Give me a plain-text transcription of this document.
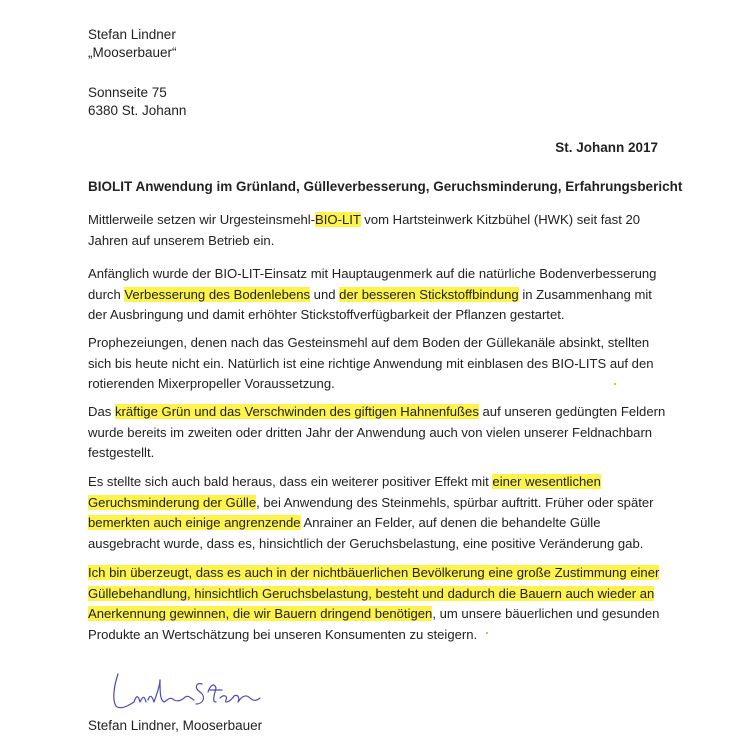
Stefan Lindner
„Mooserbauer“
Sonnseite 75
6380 St. Johann
St. Johann 2017
BIOLIT Anwendung im Grünland, Gülleverbesserung, Geruchsminderung, Erfahrungsbericht
Mittlerweile setzen wir Urgesteinsmehl-BIO-LIT vom Hartsteinwerk Kitzbühel (HWK) seit fast 20 Jahren auf unserem Betrieb ein.
Anfänglich wurde der BIO-LIT-Einsatz mit Hauptaugenmerk auf die natürliche Bodenverbesserung durch Verbesserung des Bodenlebens und der besseren Stickstoffbindung in Zusammenhang mit der Ausbringung und damit erhöhter Stickstoffverfügbarkeit der Pflanzen gestartet.
Prophezeiungen, denen nach das Gesteinsmehl auf dem Boden der Güllekanäle absinkt, stellten sich bis heute nicht ein. Natürlich ist eine richtige Anwendung mit einblasen des BIO-LITS auf den rotierenden Mixerpropeller Voraussetzung.
Das kräftige Grün und das Verschwinden des giftigen Hahnenfußes auf unseren gedüngten Feldern wurde bereits im zweiten oder dritten Jahr der Anwendung auch von vielen unserer Feldnachbarn festgestellt.
Es stellte sich auch bald heraus, dass ein weiterer positiver Effekt mit einer wesentlichen Geruchsminderung der Gülle, bei Anwendung des Steinmehls, spürbar auftritt. Früher oder später bemerkten auch einige angrenzende Anrainer an Felder, auf denen die behandelte Gülle ausgebracht wurde, dass es, hinsichtlich der Geruchsbelastung, eine positive Veränderung gab.
Ich bin überzeugt, dass es auch in der nichtbäuerlichen Bevölkerung eine große Zustimmung einer Güllebehandlung, hinsichtlich Geruchsbelastung, besteht und dadurch die Bauern auch wieder an Anerkennung gewinnen, die wir Bauern dringend benötigen, um unsere bäuerlichen und gesunden Produkte an Wertschätzung bei unseren Konsumenten zu steigern.
Stefan Lindner, Mooserbauer
